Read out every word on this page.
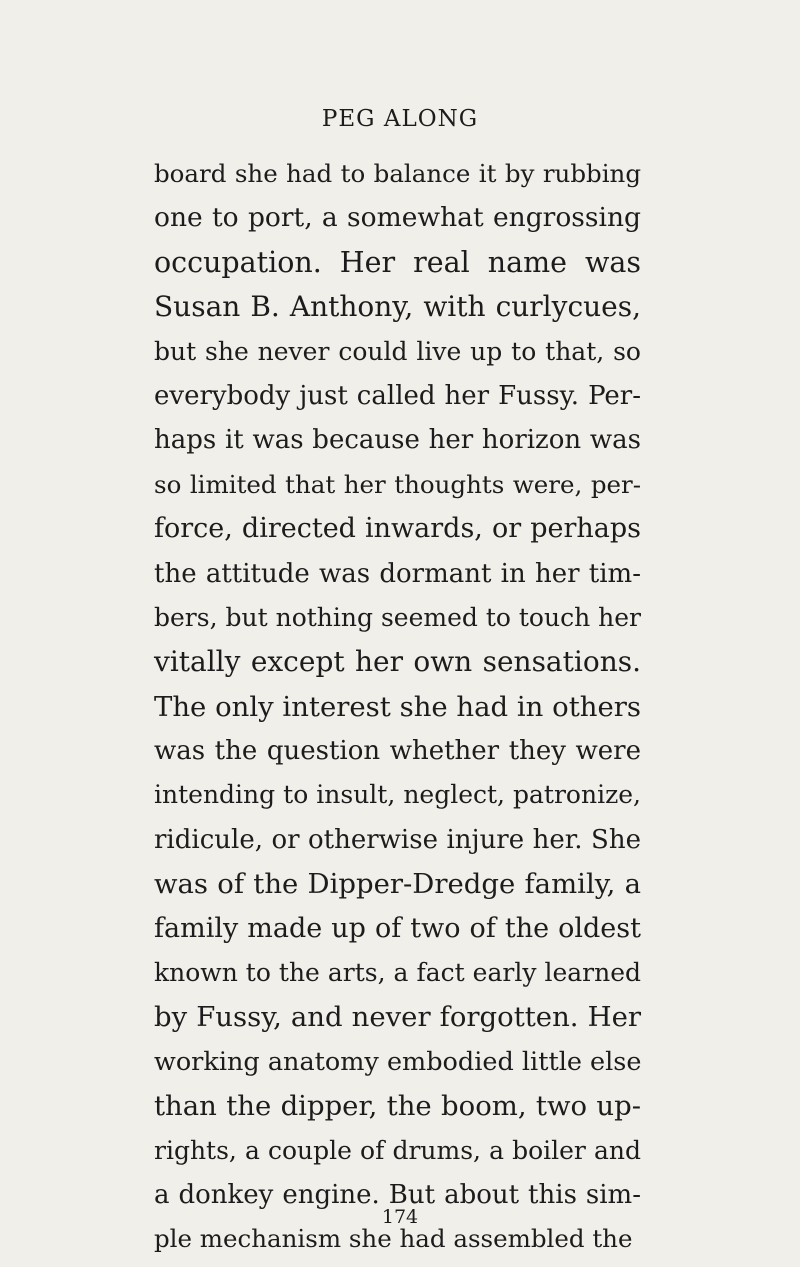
PEG ALONG
board she had to balance it by rubbing
one to port, a somewhat engrossing
occupation. Her real name was
Susan B. Anthony, with curlycues,
but she never could live up to that, so
everybody just called her Fussy. Per-
haps it was because her horizon was
so limited that her thoughts were, per-
force, directed inwards, or perhaps
the attitude was dormant in her tim-
bers, but nothing seemed to touch her
vitally except her own sensations.
The only interest she had in others
was the question whether they were
intending to insult, neglect, patronize,
ridicule, or otherwise injure her. She
was of the Dipper-Dredge family, a
family made up of two of the oldest
known to the arts, a fact early learned
by Fussy, and never forgotten. Her
working anatomy embodied little else
than the dipper, the boom, two up-
rights, a couple of drums, a boiler and
a donkey engine. But about this sim-
ple mechanism she had assembled the
174
